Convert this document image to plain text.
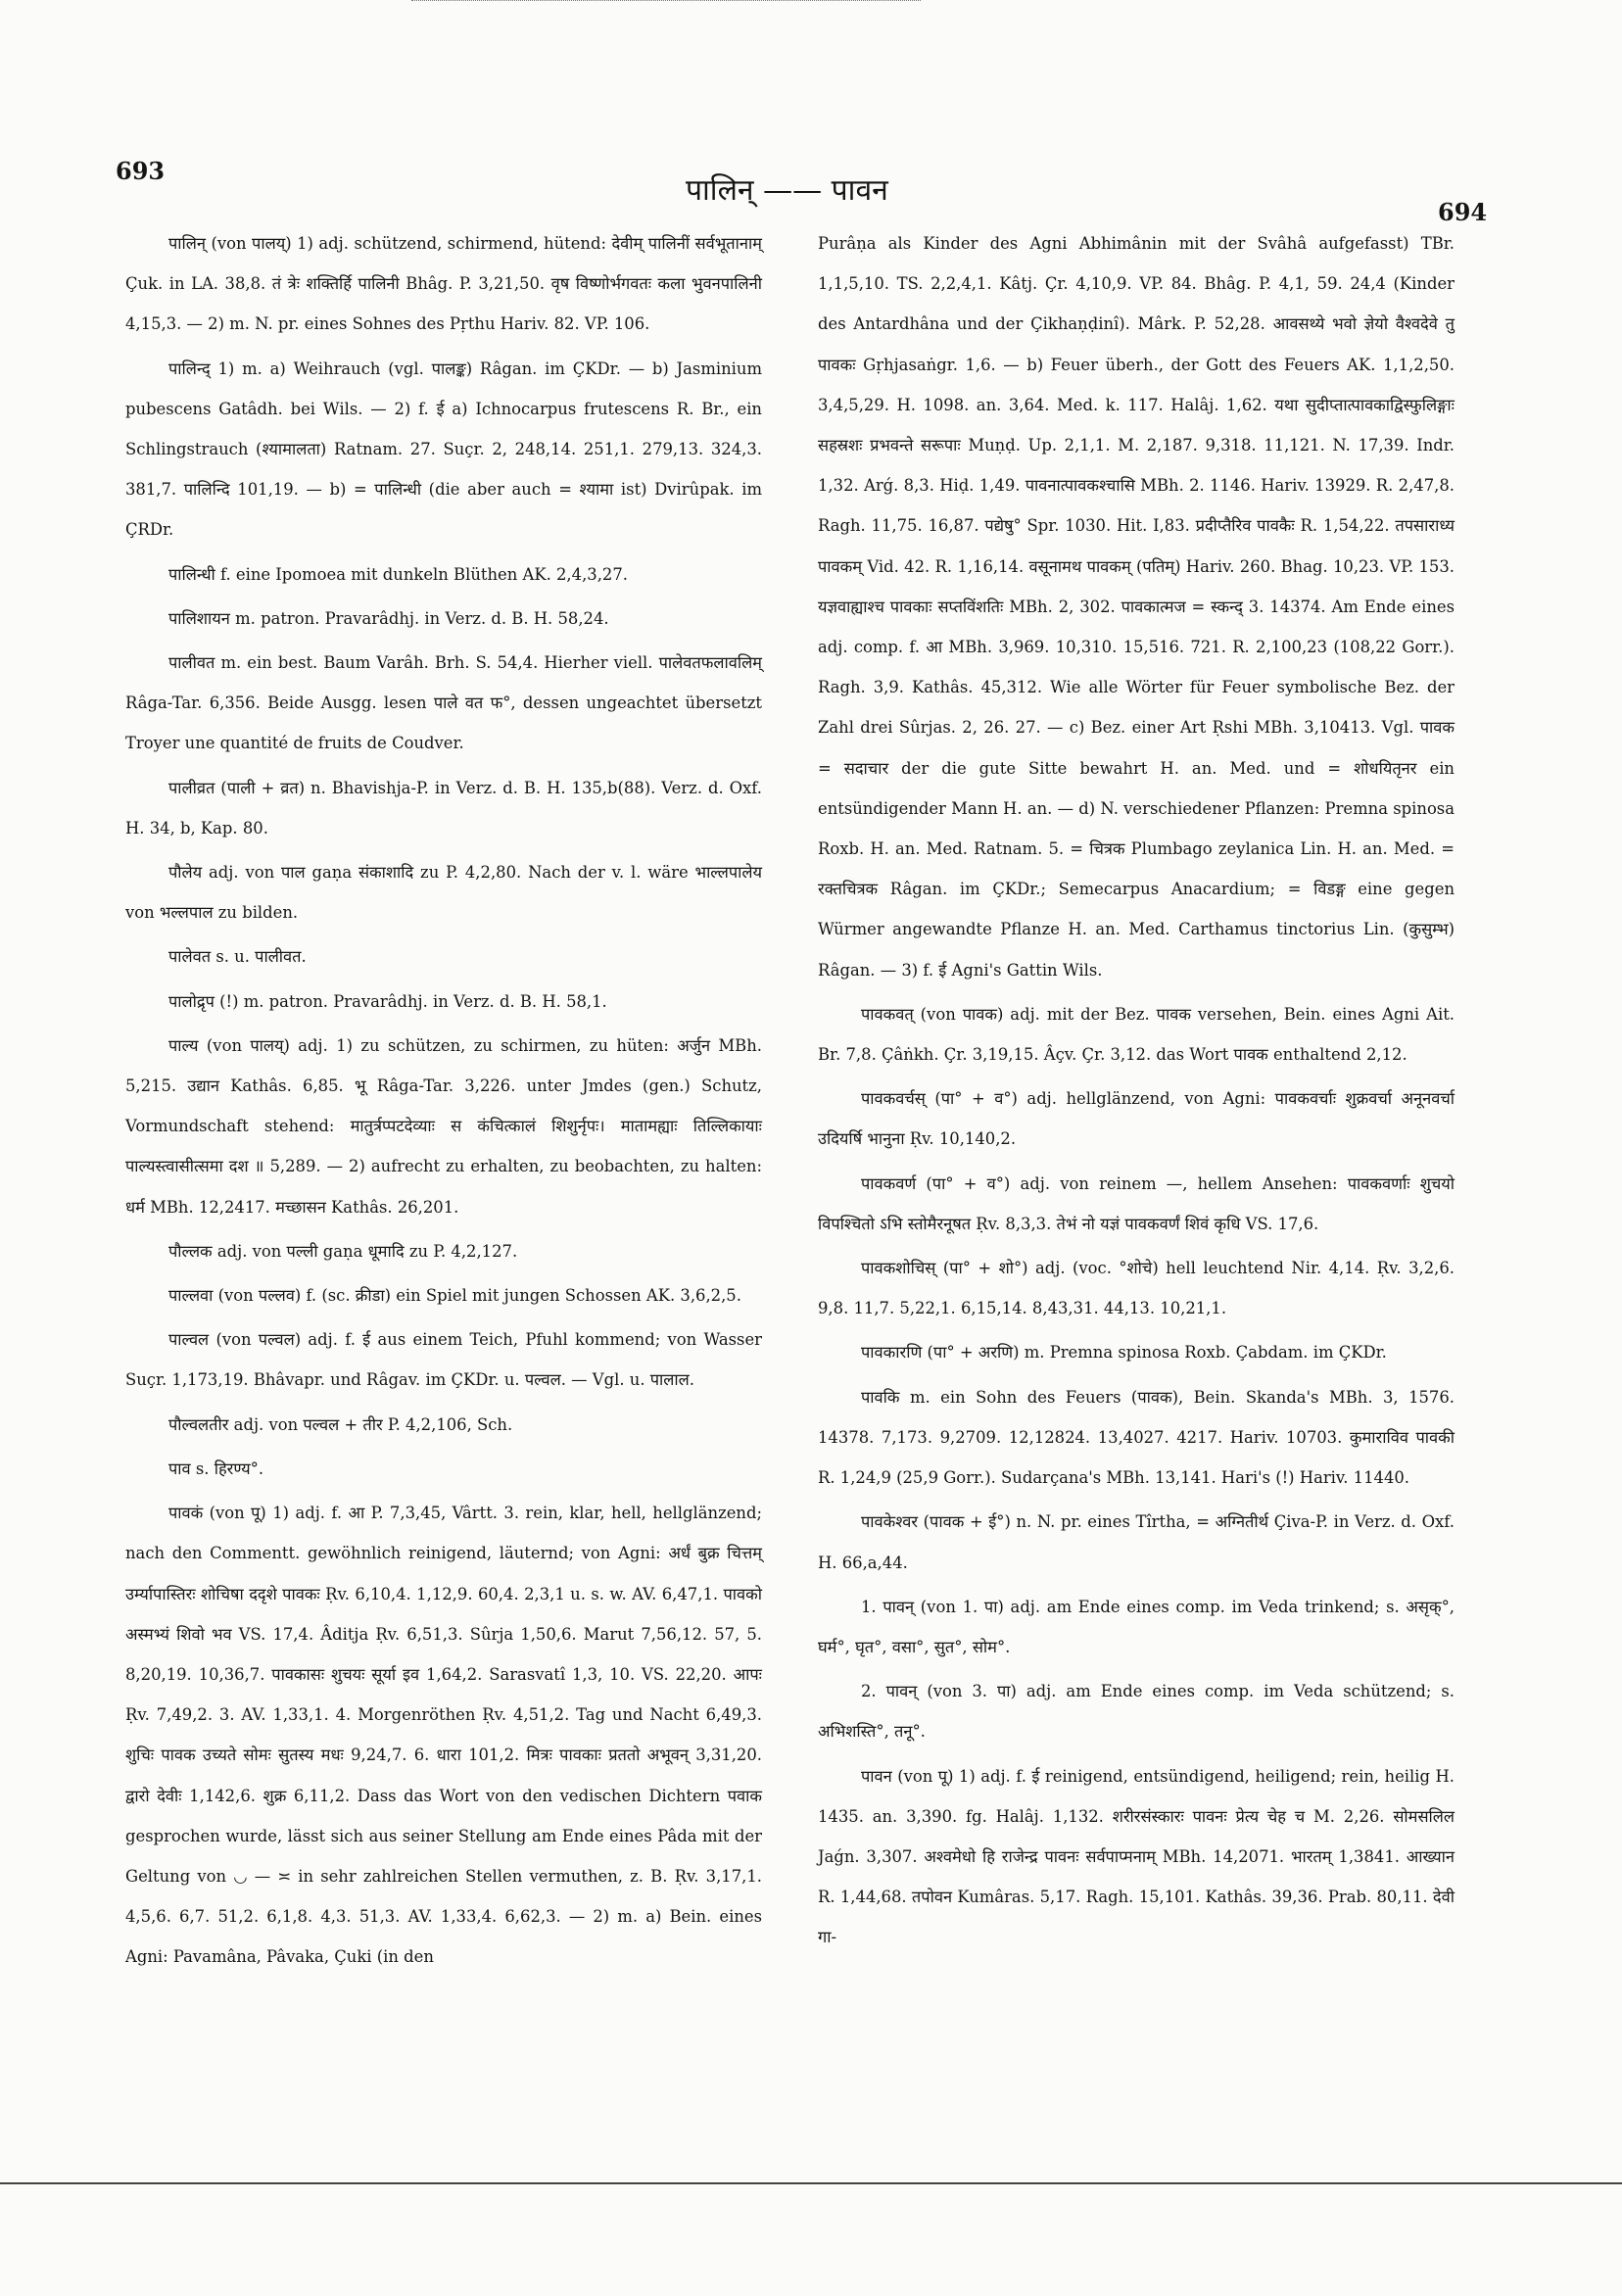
693
पालिन् —— पावन
694

पालिन् (von पालय्) 1) adj. schützend, schirmend, hütend: देवीम् पालिनीं सर्वभूतानाम् Çuk. in LA. 38,8. तं त्रेः शक्तिर्हि पालिनी Bhâg. P. 3,21,50. वृष विष्णोर्भगवतः कला भुवनपालिनी 4,15,3. — 2) m. N. pr. eines Sohnes des Pṛthu Hariv. 82. VP. 106.

पालिन्द् 1) m. a) Weihrauch (vgl. पालङ्क) Râgan. im ÇKDr. — b) Jasminium pubescens Gatâdh. bei Wils. — 2) f. ई a) Ichnocarpus frutescens R. Br., ein Schlingstrauch (श्यामालता) Ratnam. 27. Suçr. 2, 248,14. 251,1. 279,13. 324,3. 381,7. पालिन्दि 101,19. — b) = पालिन्धी (die aber auch = श्यामा ist) Dvirûpak. im ÇRDr.

पालिन्धी f. eine Ipomoea mit dunkeln Blüthen AK. 2,4,3,27.

पालिशायन m. patron. Pravarâdhj. in Verz. d. B. H. 58,24.

पालीवत m. ein best. Baum Varâh. Brh. S. 54,4. Hierher viell. पालेवतफलावलिम् Râga-Tar. 6,356. Beide Ausgg. lesen पाले वत फ°, dessen ungeachtet übersetzt Troyer une quantité de fruits de Coudver.

पालीव्रत (पाली + व्रत) n. Bhavishja-P. in Verz. d. B. H. 135,b(88). Verz. d. Oxf. H. 34, b, Kap. 80.

पौलेय adj. von पाल gaṇa संकाशादि zu P. 4,2,80. Nach der v. l. wäre भाल्लपालेय von भल्लपाल zu bilden.

पालेवत s. u. पालीवत.

पालोद्रृप (!) m. patron. Pravarâdhj. in Verz. d. B. H. 58,1.

पाल्य (von पालय्) adj. 1) zu schützen, zu schirmen, zu hüten: अर्जुन MBh. 5,215. उद्यान Kathâs. 6,85. भू Râga-Tar. 3,226. unter Jmdes (gen.) Schutz, Vormundschaft stehend: मातुर्त्रप्पटदेव्याः स कंचित्कालं शिशुर्नृपः। मातामह्याः तिल्लिकायाः पाल्यस्त्वासीत्समा दश ॥ 5,289. — 2) aufrecht zu erhalten, zu beobachten, zu halten: धर्म MBh. 12,2417. मच्छासन Kathâs. 26,201.

पौल्लक adj. von पल्ली gaṇa धूमादि zu P. 4,2,127.

पाल्लवा (von पल्लव) f. (sc. क्रीडा) ein Spiel mit jungen Schossen AK. 3,6,2,5.

पाल्वल (von पल्वल) adj. f. ई aus einem Teich, Pfuhl kommend; von Wasser Suçr. 1,173,19. Bhâvapr. und Râgav. im ÇKDr. u. पल्वल. — Vgl. u. पालाल.

पौल्वलतीर adj. von पल्वल + तीर P. 4,2,106, Sch.

पाव s. हिरण्य°.

पावकं (von पू) 1) adj. f. आ P. 7,3,45, Vârtt. 3. rein, klar, hell, hellglänzend; nach den Commentt. gewöhnlich reinigend, läuternd; von Agni: अर्धं बुक्र चित्तम् उर्म्यापास्तिरः शोचिषा ददृशे पावकः Ṛv. 6,10,4. 1,12,9. 60,4. 2,3,1 u. s. w. AV. 6,47,1. पावको अस्मभ्यं शिवो भव VS. 17,4. Âditja Ṛv. 6,51,3. Sûrja 1,50,6. Marut 7,56,12. 57, 5. 8,20,19. 10,36,7. पावकासः शुचयः सूर्या इव 1,64,2. Sarasvatî 1,3, 10. VS. 22,20. आपः Ṛv. 7,49,2. 3. AV. 1,33,1. 4. Morgenröthen Ṛv. 4,51,2. Tag und Nacht 6,49,3. शुचिः पावक उच्यते सोमः सुतस्य मधः 9,24,7. 6. धारा 101,2. मित्रः पावकाः प्रततो अभूवन् 3,31,20. द्वारो देवीः 1,142,6. शुक्र 6,11,2. Dass das Wort von den vedischen Dichtern पवाक gesprochen wurde, lässt sich aus seiner Stellung am Ende eines Pâda mit der Geltung von ◡ — ≍ in sehr zahlreichen Stellen vermuthen, z. B. Ṛv. 3,17,1. 4,5,6. 6,7. 51,2. 6,1,8. 4,3. 51,3. AV. 1,33,4. 6,62,3. — 2) m. a) Bein. eines Agni: Pavamâna, Pâvaka, Çuki (in den

Purâṇa als Kinder des Agni Abhimânin mit der Svâhâ aufgefasst) TBr. 1,1,5,10. TS. 2,2,4,1. Kâtj. Çr. 4,10,9. VP. 84. Bhâg. P. 4,1, 59. 24,4 (Kinder des Antardhâna und der Çikhaṇḍinî). Mârk. P. 52,28. आवसथ्ये भवो ज्ञेयो वैश्वदेवे तु पावकः Gṛhjasaṅgr. 1,6. — b) Feuer überh., der Gott des Feuers AK. 1,1,2,50. 3,4,5,29. H. 1098. an. 3,64. Med. k. 117. Halâj. 1,62. यथा सुदीप्तात्पावकाद्विस्फुलिङ्गाः सहस्रशः प्रभवन्ते सरूपाः Muṇḍ. Up. 2,1,1. M. 2,187. 9,318. 11,121. N. 17,39. Indr. 1,32. Arǵ. 8,3. Hiḍ. 1,49. पावनात्पावकश्चासि MBh. 2. 1146. Hariv. 13929. R. 2,47,8. Ragh. 11,75. 16,87. पद्येषु° Spr. 1030. Hit. I,83. प्रदीप्तैरिव पावकैः R. 1,54,22. तपसाराध्य पावकम् Vid. 42. R. 1,16,14. वसूनामथ पावकम् (पतिम्) Hariv. 260. Bhag. 10,23. VP. 153. यज्ञवाह्याश्च पावकाः सप्तविंशतिः MBh. 2, 302. पावकात्मज = स्कन्द् 3. 14374. Am Ende eines adj. comp. f. आ MBh. 3,969. 10,310. 15,516. 721. R. 2,100,23 (108,22 Gorr.). Ragh. 3,9. Kathâs. 45,312. Wie alle Wörter für Feuer symbolische Bez. der Zahl drei Sûrjas. 2, 26. 27. — c) Bez. einer Art Ṛshi MBh. 3,10413. Vgl. पावक = सदाचार der die gute Sitte bewahrt H. an. Med. und = शोधयितृनर ein entsündigender Mann H. an. — d) N. verschiedener Pflanzen: Premna spinosa Roxb. H. an. Med. Ratnam. 5. = चित्रक Plumbago zeylanica Lin. H. an. Med. = रक्तचित्रक Râgan. im ÇKDr.; Semecarpus Anacardium; = विडङ्ग eine gegen Würmer angewandte Pflanze H. an. Med. Carthamus tinctorius Lin. (कुसुम्भ) Râgan. — 3) f. ई Agni's Gattin Wils.

पावकवत् (von पावक) adj. mit der Bez. पावक versehen, Bein. eines Agni Ait. Br. 7,8. Çâṅkh. Çr. 3,19,15. Âçv. Çr. 3,12. das Wort पावक enthaltend 2,12.

पावकवर्चस् (पा° + व°) adj. hellglänzend, von Agni: पावकवर्चाः शुक्रवर्चा अनूनवर्चा उदियर्षि भानुना Ṛv. 10,140,2.

पावकवर्ण (पा° + व°) adj. von reinem —, hellem Ansehen: पावकवर्णाः शुचयो विपश्चितो ऽभि स्तोमैरनूषत Ṛv. 8,3,3. तेभं नो यज्ञं पावकवर्णं शिवं कृधि VS. 17,6.

पावकशोचिस् (पा° + शो°) adj. (voc. °शोचे) hell leuchtend Nir. 4,14. Ṛv. 3,2,6. 9,8. 11,7. 5,22,1. 6,15,14. 8,43,31. 44,13. 10,21,1.

पावकारणि (पा° + अरणि) m. Premna spinosa Roxb. Çabdam. im ÇKDr.

पावकि m. ein Sohn des Feuers (पावक), Bein. Skanda's MBh. 3, 1576. 14378. 7,173. 9,2709. 12,12824. 13,4027. 4217. Hariv. 10703. कुमाराविव पावकी R. 1,24,9 (25,9 Gorr.). Sudarçana's MBh. 13,141. Hari's (!) Hariv. 11440.

पावकेश्वर (पावक + ई°) n. N. pr. eines Tîrtha, = अग्नितीर्थ Çiva-P. in Verz. d. Oxf. H. 66,a,44.

1. पावन् (von 1. पा) adj. am Ende eines comp. im Veda trinkend; s. असृक्°, घर्म°, घृत°, वसा°, सुत°, सोम°.

2. पावन् (von 3. पा) adj. am Ende eines comp. im Veda schützend; s. अभिशस्ति°, तनू°.

पावन (von पू) 1) adj. f. ई reinigend, entsündigend, heiligend; rein, heilig H. 1435. an. 3,390. fg. Halâj. 1,132. शरीरसंस्कारः पावनः प्रेत्य चेह च M. 2,26. सोमसलिल Jaǵn. 3,307. अश्वमेधो हि राजेन्द्र पावनः सर्वपाप्मनाम् MBh. 14,2071. भारतम् 1,3841. आख्यान R. 1,44,68. तपोवन Kumâras. 5,17. Ragh. 15,101. Kathâs. 39,36. Prab. 80,11. देवी गा-
